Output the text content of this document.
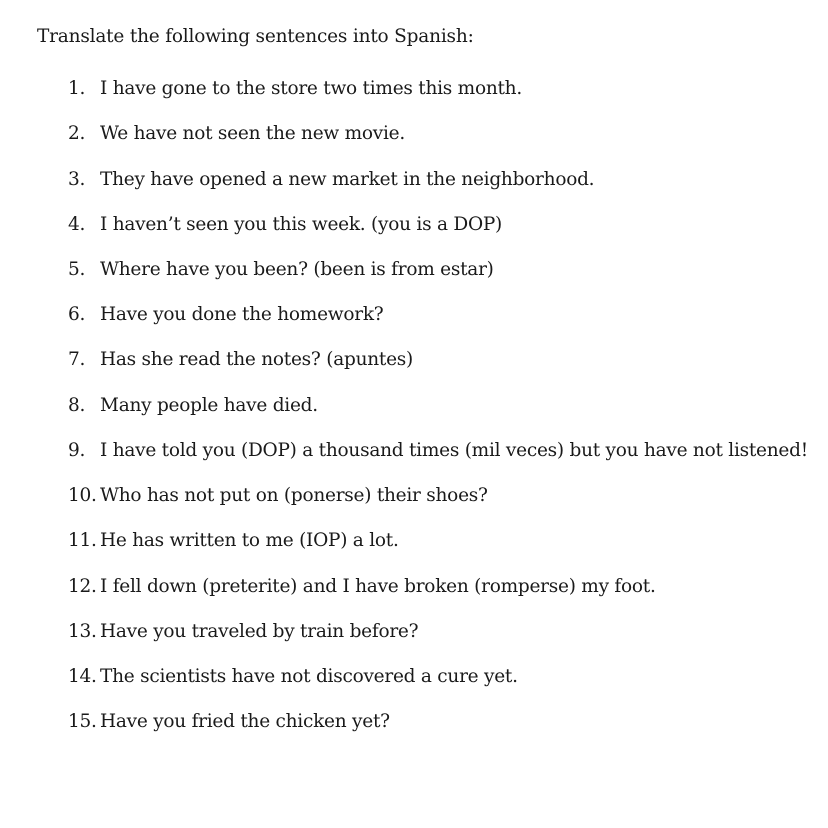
Translate the following sentences into Spanish:
1. I have gone to the store two times this month.
2. We have not seen the new movie.
3. They have opened a new market in the neighborhood.
4. I haven’t seen you this week. (you is a DOP)
5. Where have you been? (been is from estar)
6. Have you done the homework?
7. Has she read the notes? (apuntes)
8. Many people have died.
9. I have told you (DOP) a thousand times (mil veces) but you have not listened!
10. Who has not put on (ponerse) their shoes?
11. He has written to me (IOP) a lot.
12. I fell down (preterite) and I have broken (romperse) my foot.
13. Have you traveled by train before?
14. The scientists have not discovered a cure yet.
15. Have you fried the chicken yet?
